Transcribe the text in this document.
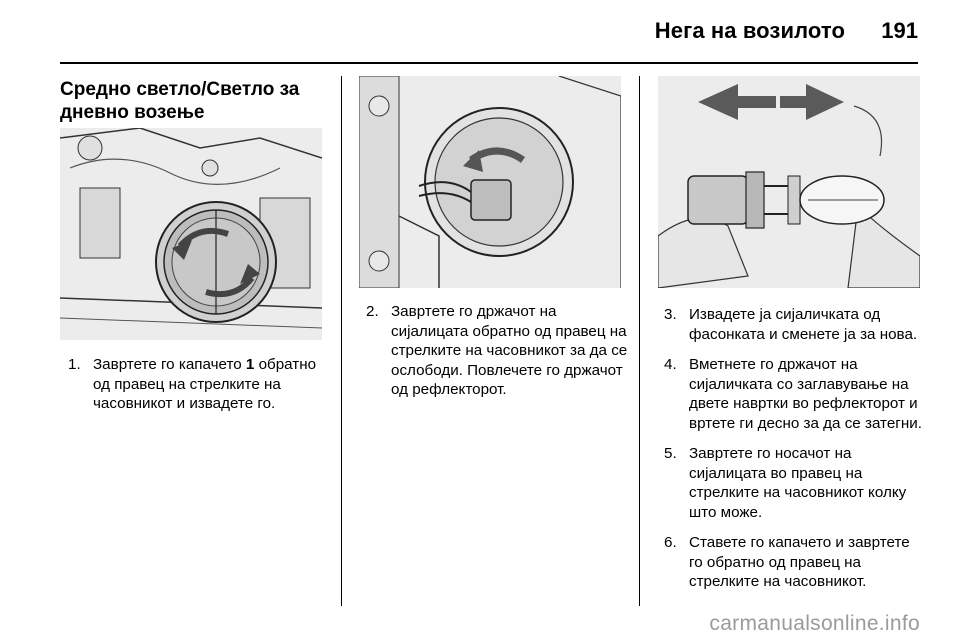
Нега на возилото 191
Средно светло/Светло за дневно возење
1. Завртете го капачето 1 обратно од правец на стрелките на часовникот и извадете го.
2. Завртете го држачот на сијалицата обратно од правец на стрелките на часовникот за да се ослободи. Повлечете го држачот од рефлекторот.
3. Извадете ја сијаличката од фасонката и сменете ја за нова.
4. Вметнете го држачот на сијаличката со заглавување на двете навртки во рефлекторот и вртете ги десно за да се затегни.
5. Завртете го носачот на сијалицата во правец на стрелките на часовникот колку што може.
6. Ставете го капачето и завртете го обратно од правец на стрелките на часовникот.
carmanualsonline.info
